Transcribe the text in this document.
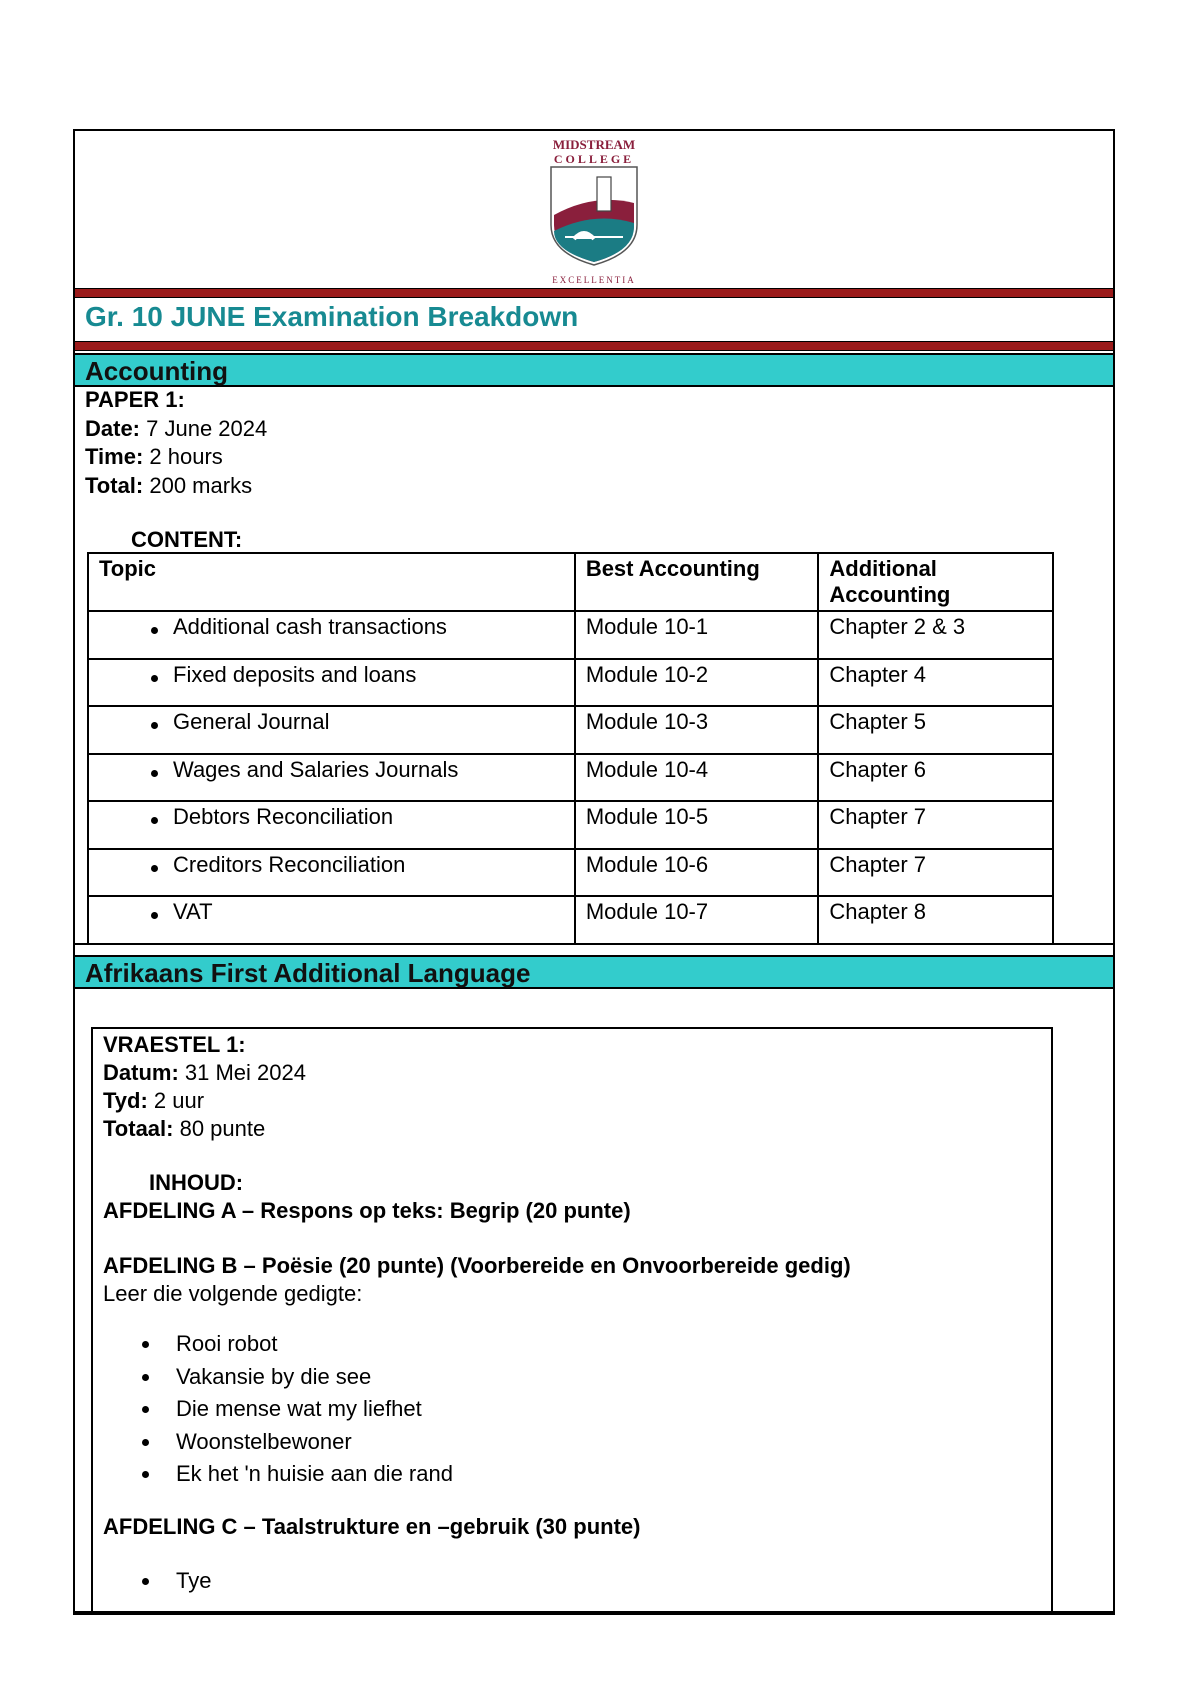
MIDSTREAM
COLLEGE
EXCELLENTIA
Gr. 10 JUNE Examination Breakdown
Accounting
PAPER 1:
Date: 7 June 2024
Time: 2 hours
Total: 200 marks
CONTENT:
Topic	Best Accounting	Additional Accounting
Additional cash transactions	Module 10-1	Chapter 2 & 3
Fixed deposits and loans	Module 10-2	Chapter 4
General Journal	Module 10-3	Chapter 5
Wages and Salaries Journals	Module 10-4	Chapter 6
Debtors Reconciliation	Module 10-5	Chapter 7
Creditors Reconciliation	Module 10-6	Chapter 7
VAT	Module 10-7	Chapter 8
Afrikaans First Additional Language

VRAESTEL 1:

Datum: 31 Mei 2024

Tyd: 2 uur

Totaal: 80 punte

INHOUD:

AFDELING A – Respons op teks: Begrip (20 punte)

AFDELING B – Poësie (20 punte) (Voorbereide en Onvoorbereide gedig)

Leer die volgende gedigte:

Rooi robot
Vakansie by die see
Die mense wat my liefhet
Woonstelbewoner
Ek het 'n huisie aan die rand

AFDELING C – Taalstrukture en –gebruik (30 punte)

Tye
